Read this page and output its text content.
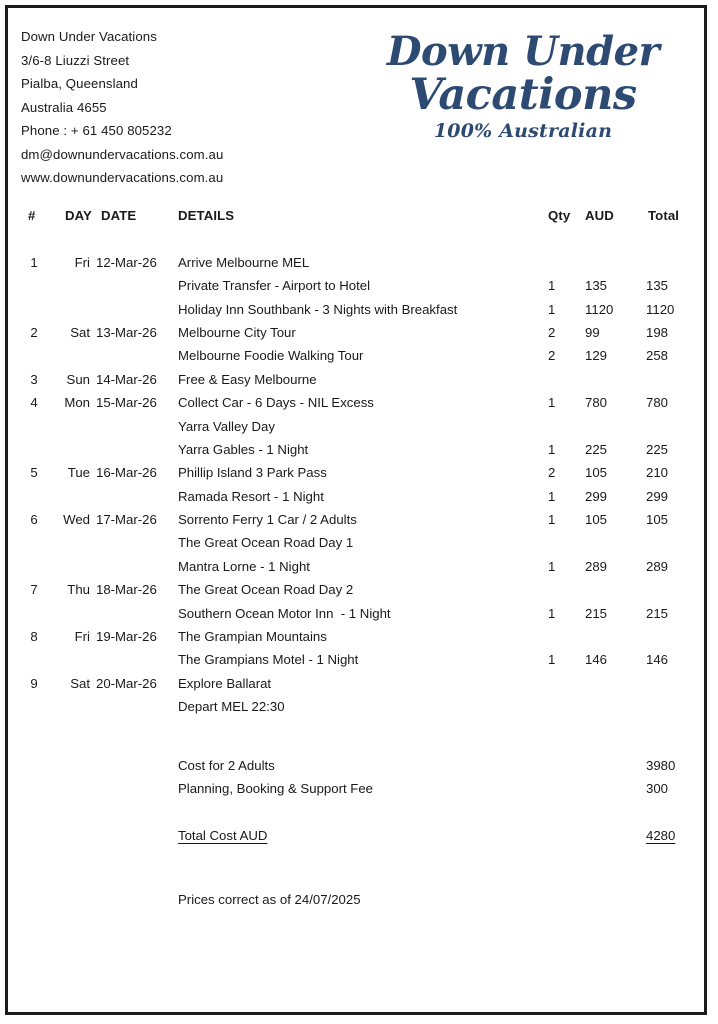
Down Under Vacations
3/6-8 Liuzzi Street
Pialba, Queensland
Australia 4655
Phone : + 61 450 805232
dm@downundervacations.com.au
www.downundervacations.com.au
Down Under
Vacations
100% Australian
#	DAY DATE	DETAILS	Qty AUD	Total
1	Fri 12-Mar-26	Arrive Melbourne MEL
Private Transfer - Airport to Hotel	1	135	135
Holiday Inn Southbank - 3 Nights with Breakfast	1	1120	1120
2	Sat 13-Mar-26	Melbourne City Tour	2	99	198
Melbourne Foodie Walking Tour	2	129	258
3	Sun 14-Mar-26	Free & Easy Melbourne
4	Mon 15-Mar-26	Collect Car - 6 Days - NIL Excess	1	780	780
Yarra Valley Day
Yarra Gables - 1 Night	1	225	225
5	Tue 16-Mar-26	Phillip Island 3 Park Pass	2	105	210
Ramada Resort - 1 Night	1	299	299
6	Wed 17-Mar-26	Sorrento Ferry 1 Car / 2 Adults	1	105	105
The Great Ocean Road Day 1
Mantra Lorne - 1 Night	1	289	289
7	Thu 18-Mar-26	The Great Ocean Road Day 2
Southern Ocean Motor Inn  - 1 Night	1	215	215
8	Fri 19-Mar-26	The Grampian Mountains
The Grampians Motel - 1 Night	1	146	146
9	Sat 20-Mar-26	Explore Ballarat
Depart MEL 22:30
Cost for 2 Adults	3980
Planning, Booking & Support Fee	300
Total Cost AUD	4280
Prices correct as of 24/07/2025
